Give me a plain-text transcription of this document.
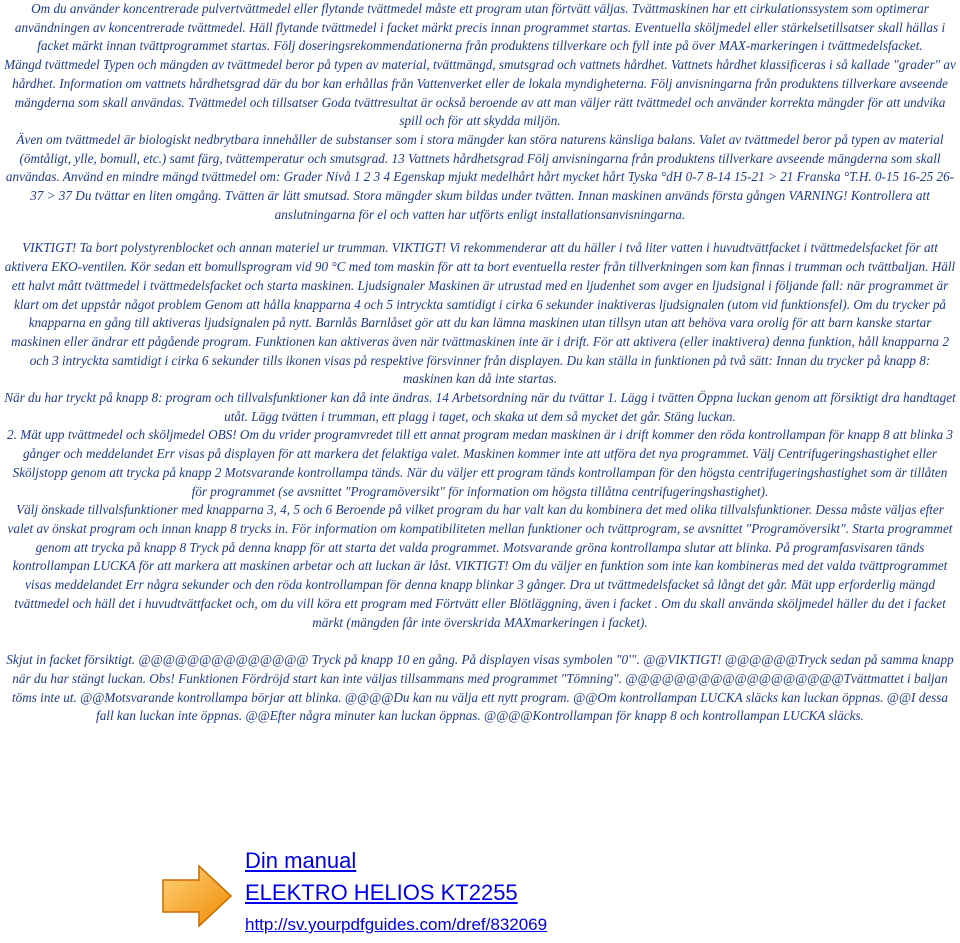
Om du använder koncentrerade pulvertvättmedel eller flytande tvättmedel måste ett program utan förtvätt väljas. Tvättmaskinen har ett cirkulationssystem som optimerar användningen av koncentrerade tvättmedel. Häll flytande tvättmedel i facket märkt precis innan programmet startas. Eventuella sköljmedel eller stärkelsetillsatser skall hällas i facket märkt innan tvättprogrammet startas. Följ doseringsrekommendationerna från produktens tillverkare och fyll inte på över MAX-markeringen i tvättmedelsfacket.

Mängd tvättmedel Typen och mängden av tvättmedel beror på typen av material, tvättmängd, smutsgrad och vattnets hårdhet. Vattnets hårdhet klassificeras i så kallade "grader" av hårdhet. Information om vattnets hårdhetsgrad där du bor kan erhållas från Vattenverket eller de lokala myndigheterna. Följ anvisningarna från produktens tillverkare avseende mängderna som skall användas. Tvättmedel och tillsatser Goda tvättresultat är också beroende av att man väljer rätt tvättmedel och använder korrekta mängder för att undvika spill och för att skydda miljön.

Även om tvättmedel är biologiskt nedbrytbara innehåller de substanser som i stora mängder kan störa naturens känsliga balans. Valet av tvättmedel beror på typen av material (ömtåligt, ylle, bomull, etc.) samt färg, tvättemperatur och smutsgrad. 13 Vattnets hårdhetsgrad Följ anvisningarna från produktens tillverkare avseende mängderna som skall användas. Använd en mindre mängd tvättmedel om: Grader Nivå 1 2 3 4 Egenskap mjukt medelhårt hårt mycket hårt Tyska °dH 0-7 8-14 15-21 > 21 Franska °T.H. 0-15 16-25 26-37 > 37 Du tvättar en liten omgång. Tvätten är lätt smutsad. Stora mängder skum bildas under tvätten. Innan maskinen används första gången VARNING! Kontrollera att anslutningarna för el och vatten har utförts enligt installationsanvisningarna.

VIKTIGT! Ta bort polystyrenblocket och annan materiel ur trumman. VIKTIGT! Vi rekommenderar att du häller i två liter vatten i huvudtvättfacket i tvättmedelsfacket för att aktivera EKO-ventilen. Kör sedan ett bomullsprogram vid 90 °C med tom maskin för att ta bort eventuella rester från tillverkningen som kan finnas i trumman och tvättbaljan. Häll ett halvt mått tvättmedel i tvättmedelsfacket och starta maskinen. Ljudsignaler Maskinen är utrustad med en ljudenhet som avger en ljudsignal i följande fall: när programmet är klart om det uppstår något problem Genom att hålla knapparna 4 och 5 intryckta samtidigt i cirka 6 sekunder inaktiveras ljudsignalen (utom vid funktionsfel). Om du trycker på knapparna en gång till aktiveras ljudsignalen på nytt. Barnlås Barnlåset gör att du kan lämna maskinen utan tillsyn utan att behöva vara orolig för att barn kanske startar maskinen eller ändrar ett pågående program. Funktionen kan aktiveras även när tvättmaskinen inte är i drift. För att aktivera (eller inaktivera) denna funktion, håll knapparna 2 och 3 intryckta samtidigt i cirka 6 sekunder tills ikonen visas på respektive försvinner från displayen. Du kan ställa in funktionen på två sätt: Innan du trycker på knapp 8: maskinen kan då inte startas.

När du har tryckt på knapp 8: program och tillvalsfunktioner kan då inte ändras. 14 Arbetsordning när du tvättar 1. Lägg i tvätten Öppna luckan genom att försiktigt dra handtaget utåt. Lägg tvätten i trumman, ett plagg i taget, och skaka ut dem så mycket det går. Stäng luckan.

2. Mät upp tvättmedel och sköljmedel OBS! Om du vrider programvredet till ett annat program medan maskinen är i drift kommer den röda kontrollampan för knapp 8 att blinka 3 gånger och meddelandet Err visas på displayen för att markera det felaktiga valet. Maskinen kommer inte att utföra det nya programmet. Välj Centrifugeringshastighet eller Sköljstopp genom att trycka på knapp 2 Motsvarande kontrollampa tänds. När du väljer ett program tänds kontrollampan för den högsta centrifugeringshastighet som är tillåten för programmet (se avsnittet "Programöversikt" för information om högsta tillåtna centrifugeringshastighet).

Välj önskade tillvalsfunktioner med knapparna 3, 4, 5 och 6 Beroende på vilket program du har valt kan du kombinera det med olika tillvalsfunktioner. Dessa måste väljas efter valet av önskat program och innan knapp 8 trycks in. För information om kompatibiliteten mellan funktioner och tvättprogram, se avsnittet "Programöversikt". Starta programmet genom att trycka på knapp 8 Tryck på denna knapp för att starta det valda programmet. Motsvarande gröna kontrollampa slutar att blinka. På programfasvisaren tänds kontrollampan LUCKA för att markera att maskinen arbetar och att luckan är låst. VIKTIGT! Om du väljer en funktion som inte kan kombineras med det valda tvättprogrammet visas meddelandet Err några sekunder och den röda kontrollampan för denna knapp blinkar 3 gånger. Dra ut tvättmedelsfacket så långt det går. Mät upp erforderlig mängd tvättmedel och häll det i huvudtvättfacket och, om du vill köra ett program med Förtvätt eller Blötläggning, även i facket . Om du skall använda sköljmedel häller du det i facket märkt (mängden får inte överskrida MAXmarkeringen i facket).

Skjut in facket försiktigt. @@@@@@@@@@@@@@ Tryck på knapp 10 en gång. På displayen visas symbolen "0'". @@VIKTIGT! @@@@@@Tryck sedan på samma knapp när du har stängt luckan. Obs! Funktionen Fördröjd start kan inte väljas tillsammans med programmet "Tömning". @@@@@@@@@@@@@@@@@@Tvättmattet i baljan töms inte ut. @@Motsvarande kontrollampa börjar att blinka. @@@@Du kan nu välja ett nytt program. @@Om kontrollampan LUCKA släcks kan luckan öppnas. @@I dessa fall kan luckan inte öppnas. @@Efter några minuter kan luckan öppnas. @@@@Kontrollampan för knapp 8 och kontrollampan LUCKA släcks.

Din manual
ELEKTRO HELIOS KT2255
http://sv.yourpdfguides.com/dref/832069
